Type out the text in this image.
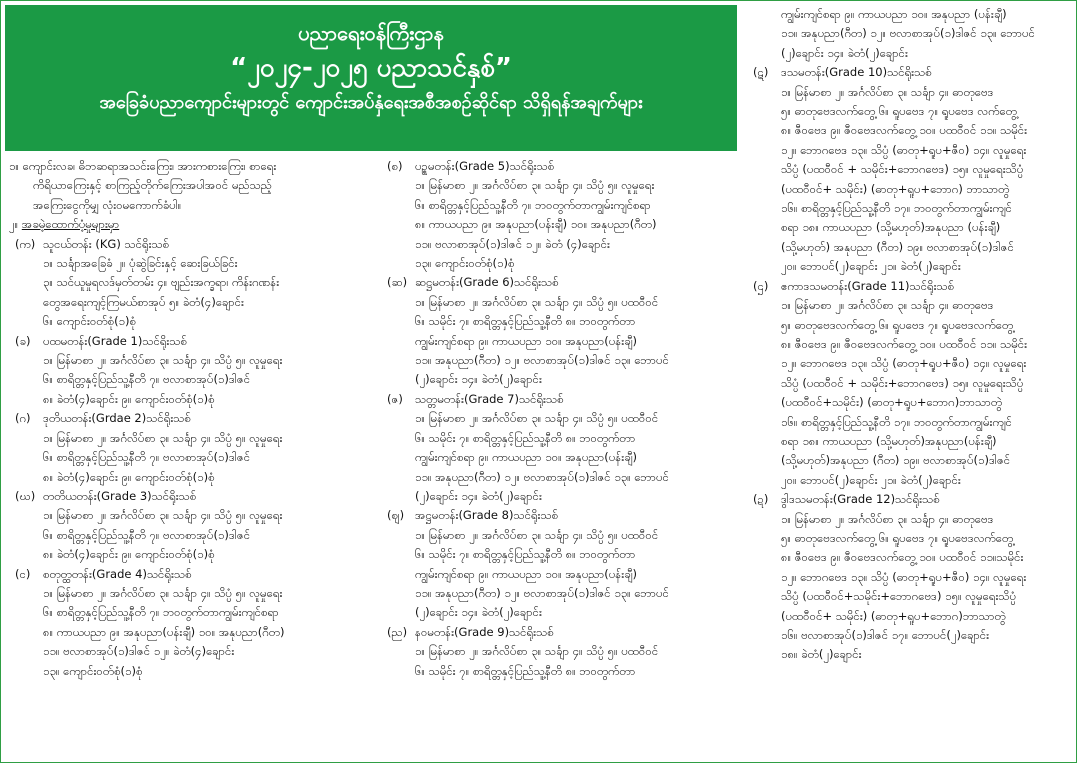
ပညာရေးဝန်ကြီးဌာန
“၂၀၂၄-၂၀၂၅ ပညာသင်နှစ်”
အခြေခံပညာကျောင်းများတွင် ကျောင်းအပ်နှံရေးအစီအစဉ်ဆိုင်ရာ သိရှိရန်အချက်များ
၁။ ကျောင်းလခ၊ ဓိဘဆရာအသင်းကြေး၊ အားကစားကြေး၊ စာရေး
ကိရိယာကြေးနှင့် စာကြည့်တိုက်ကြေးအပါအဝင် မည်သည့်
အကြေးငွေကိုမျှ လုံးဝမကောက်ခံပါ။
၂။ အခမဲ့ထောက်ပံ့မှုများမှာ
(က) သူငယ်တန်း (KG) သင်ရိုးသစ်
၁။ သင်္ချာအခြေခံ ၂။ ပုံဆွဲခြင်းနှင့် ဆေးခြယ်ခြင်း
၃။ သင်ယူမှုရလဒ်မှတ်တမ်း ၄။ ဗျည်းအက္ခရာ၊ ကိန်းဂဏန်း
တွေအရေးကျင့်ကြမယ်စာအုပ် ၅။ ခဲတံ(၄)ချောင်း
၆။ ကျောင်းဝတ်စုံ(၁)စုံ
(ခ)	ပထမတန်း(Grade 1)သင်ရိုးသစ်
၁။ မြန်မာစာ ၂။ အင်္ဂလိပ်စာ ၃။ သင်္ချာ ၄။ သိပ္ပံ ၅။ လူမှုရေး
၆။ စာရိတ္တနှင့်ပြည်သူ့နီတိ ၇။ ဗလာစာအုပ်(၁)ဒါဇင်
၈။ ခဲတံ(၄)ချောင်း ၉။ ကျောင်းဝတ်စုံ(၁)စုံ
(ဂ)	ဒုတိယတန်း(Grdae 2)သင်ရိုးသစ်
၁။ မြန်မာစာ ၂။ အင်္ဂလိပ်စာ ၃။ သင်္ချာ ၄။ သိပ္ပံ ၅။ လူမှုရေး
၆။ စာရိတ္တနှင့်ပြည်သူ့နီတိ ၇။ ဗလာစာအုပ်(၁)ဒါဇင်
၈။ ခဲတံ(၄)ချောင်း ၉။ ကျောင်းဝတ်စုံ(၁)စုံ
(ဃ) တတိယတန်း(Grade 3)သင်ရိုးသစ်
၁။ မြန်မာစာ ၂။ အင်္ဂလိပ်စာ ၃။ သင်္ချာ ၄။ သိပ္ပံ ၅။ လူမှုရေး
၆။ စာရိတ္တနှင့်ပြည်သူ့နီတိ ၇။ ဗလာစာအုပ်(၁)ဒါဇင်
၈။ ခဲတံ(၄)ချောင်း ၉။ ကျောင်းဝတ်စုံ(၁)စုံ
(င)	စတုတ္ထတန်း(Grade 4)သင်ရိုးသစ်
၁။ မြန်မာစာ ၂။ အင်္ဂလိပ်စာ ၃။ သင်္ချာ ၄။ သိပ္ပံ ၅။ လူမှုရေး
၆။ စာရိတ္တနှင့်ပြည်သူ့နီတိ ၇။ ဘဝတွက်တာကျွမ်းကျင်စရာ
၈။ ကာယပညာ ၉။ အနုပညာ(ပန်းချီ) ၁၀။ အနုပညာ(ဂီတ)
၁၁။ ဗလာစာအုပ်(၁)ဒါဇင် ၁၂။ ခဲတံ(၄)ချောင်း
၁၃။ ကျောင်းဝတ်စုံ(၁)စုံ
(စ)	ပဉ္စမတန်း(Grade 5)သင်ရိုးသစ်
၁။ မြန်မာစာ ၂။ အင်္ဂလိပ်စာ ၃။ သင်္ချာ ၄။ သိပ္ပံ ၅။ လူမှုရေး
၆။ စာရိတ္တနှင့်ပြည်သူ့နီတိ ၇။ ဘဝတွက်တာကျွမ်းကျင်စရာ
၈။ ကာယပညာ ၉။ အနုပညာ(ပန်းချီ) ၁၀။ အနုပညာ(ဂီတ)
၁၁။ ဗလာစာအုပ်(၁)ဒါဇင် ၁၂။ ခဲတံ (၄)ချောင်း
၁၃။ ကျောင်းဝတ်စုံ(၁)စုံ
(ဆ) ဆဋ္ဌမတန်း(Grade 6)သင်ရိုးသစ်
၁။ မြန်မာစာ ၂။ အင်္ဂလိပ်စာ ၃။ သင်္ချာ ၄။ သိပ္ပံ ၅။ ပထဝီဝင်
၆။ သမိုင်း ၇။ စာရိတ္တနှင့်ပြည်သူ့နီတိ ၈။ ဘဝတွက်တာ
ကျွမ်းကျင်စရာ ၉။ ကာယပညာ ၁၀။ အနုပညာ(ပန်းချီ)
၁၁။ အနုပညာ(ဂီတ) ၁၂။ ဗလာစာအုပ်(၁)ဒါဇင် ၁၃။ ဘောပင်
(၂)ချောင်း ၁၄။ ခဲတံ(၂)ချောင်း
(ဇ)	သတ္တမတန်း(Grade 7)သင်ရိုးသစ်
၁။ မြန်မာစာ ၂။ အင်္ဂလိပ်စာ ၃။ သင်္ချာ ၄။ သိပ္ပံ ၅။ ပထဝီဝင်
၆။ သမိုင်း ၇။ စာရိတ္တနှင့်ပြည်သူ့နီတိ ၈။ ဘဝတွက်တာ
ကျွမ်းကျင်စရာ ၉။ ကာယပညာ ၁၀။ အနုပညာ(ပန်းချီ)
၁၁။ အနုပညာ(ဂီတ) ၁၂။ ဗလာစာအုပ်(၁)ဒါဇင် ၁၃။ ဘောပင်
(၂)ချောင်း ၁၄။ ခဲတံ(၂)ချောင်း
(ဈ) အဋ္ဌမတန်း(Grade 8)သင်ရိုးသစ်
၁။ မြန်မာစာ ၂။ အင်္ဂလိပ်စာ ၃။ သင်္ချာ ၄။ သိပ္ပံ ၅။ ပထဝီဝင်
၆။ သမိုင်း ၇။ စာရိတ္တနှင့်ပြည်သူ့နီတိ ၈။ ဘဝတွက်တာ
ကျွမ်းကျင်စရာ ၉။ ကာယပညာ ၁၀။ အနုပညာ(ပန်းချီ)
၁၁။ အနုပညာ(ဂီတ) ၁၂။ ဗလာစာအုပ်(၁)ဒါဇင် ၁၃။ ဘောပင်
(၂)ချောင်း ၁၄။ ခဲတံ(၂)ချောင်း
(ည) နဝမတန်း(Grade 9)သင်ရိုးသစ်
၁။ မြန်မာစာ ၂။ အင်္ဂလိပ်စာ ၃။ သင်္ချာ ၄။ သိပ္ပံ ၅။ ပထဝီဝင်
၆။ သမိုင်း ၇။ စာရိတ္တနှင့်ပြည်သူ့နီတိ ၈။ ဘဝတွက်တာ
ကျွမ်းကျင်စရာ ၉။ ကာယပညာ ၁၀။ အနုပညာ (ပန်းချီ)
၁၁။ အနုပညာ(ဂီတ) ၁၂။ ဗလာစာအုပ်(၁)ဒါဇင် ၁၃။ ဘောပင်
(၂)ချောင်း ၁၄။ ခဲတံ(၂)ချောင်း
(ဋ)	ဒသမတန်း(Grade 10)သင်ရိုးသစ်
၁။ မြန်မာစာ ၂။ အင်္ဂလိပ်စာ ၃။ သင်္ချာ ၄။ ဓာတုဗေဒ
၅။ ဓာတုဗေဒလက်တွေ့ ၆။ ရူပဗေဒ ၇။ ရူပဗေဒ လက်တွေ့
၈။ ဇီဝဗေဒ ၉။ ဇီဝဗေဒလက်တွေ့ ၁၀။ ပထဝီဝင် ၁၁။ သမိုင်း
၁၂။ ဘောဂဗေဒ ၁၃။ သိပ္ပံ (ဓာတု+ရူပ+ဇီဝ) ၁၄။ လူမှုရေး
သိပ္ပံ (ပထဝီဝင် + သမိုင်း+ဘောဂဗေဒ) ၁၅။ လူမှုရေးသိပ္ပံ
(ပထဝီဝင်+ သမိုင်း) (ဓာတု+ရူပ+ဘောဂ) ဘာသာတွဲ
၁၆။ စာရိတ္တနှင့်ပြည်သူ့နီတိ ၁၇။ ဘဝတွက်တာကျွမ်းကျင်
စရာ ၁၈။ ကာယပညာ (သို့မဟုတ်)အနုပညာ (ပန်းချီ)
(သို့မဟုတ်) အနုပညာ (ဂီတ) ၁၉။ ဗလာစာအုပ်(၁)ဒါဇင်
၂၀။ ဘောပင်(၂)ချောင်း ၂၁။ ခဲတံ(၂)ချောင်း
(ဌ)	ဧကာဒသမတန်း(Grade 11)သင်ရိုးသစ်
၁။ မြန်မာစာ ၂။ အင်္ဂလိပ်စာ ၃။ သင်္ချာ ၄။ ဓာတုဗေဒ
၅။ ဓာတုဗေဒလက်တွေ့ ၆။ ရူပဗေဒ ၇။ ရူပဗေဒလက်တွေ့
၈။ ဇီဝဗေဒ ၉။ ဇီဝဗေဒလက်တွေ့ ၁၀။ ပထဝီဝင် ၁၁။ သမိုင်း
၁၂။ ဘောဂဗေဒ ၁၃။ သိပ္ပံ (ဓာတု+ရူပ+ဇီဝ) ၁၄။ လူမှုရေး
သိပ္ပံ (ပထဝီဝင် + သမိုင်း+ဘောဂဗေဒ) ၁၅။ လူမှုရေးသိပ္ပံ
(ပထဝီဝင်+သမိုင်း) (ဓာတု+ရူပ+ဘောဂ)ဘာသာတွဲ
၁၆။ စာရိတ္တနှင့်ပြည်သူ့နီတိ ၁၇။ ဘဝတွက်တာကျွမ်းကျင်
စရာ ၁၈။ ကာယပညာ (သို့မဟုတ်)အနုပညာ(ပန်းချီ)
(သို့မဟုတ်)အနုပညာ (ဂီတ) ၁၉။ ဗလာစာအုပ်(၁)ဒါဇင်
၂၀။ ဘောပင်(၂)ချောင်း ၂၁။ ခဲတံ(၂)ချောင်း
(ဍ)	ဒွါဒသမတန်း(Grade 12)သင်ရိုးသစ်
၁။ မြန်မာစာ ၂။ အင်္ဂလိပ်စာ ၃။ သင်္ချာ ၄။ ဓာတုဗေဒ
၅။ ဓာတုဗေဒလက်တွေ့ ၆။ ရူပဗေဒ ၇။ ရူပဗေဒလက်တွေ့
၈။ ဇီဝဗေဒ ၉။ ဇီဝဗေဒလက်တွေ့ ၁၀။ ပထဝီဝင် ၁၁။သမိုင်း
၁၂။ ဘောဂဗေဒ ၁၃။ သိပ္ပံ (ဓာတု+ရူပ+ဇီဝ) ၁၄။ လူမှုရေး
သိပ္ပံ (ပထဝီဝင်+သမိုင်း+ဘောဂဗေဒ) ၁၅။ လူမှုရေးသိပ္ပံ
(ပထဝီဝင်+ သမိုင်း) (ဓာတု+ရူပ+ဘောဂ)ဘာသာတွဲ
၁၆။ ဗလာစာအုပ်(၁)ဒါဇင် ၁၇။ ဘောပင်(၂)ချောင်း
၁၈။ ခဲတံ(၂)ချောင်း
